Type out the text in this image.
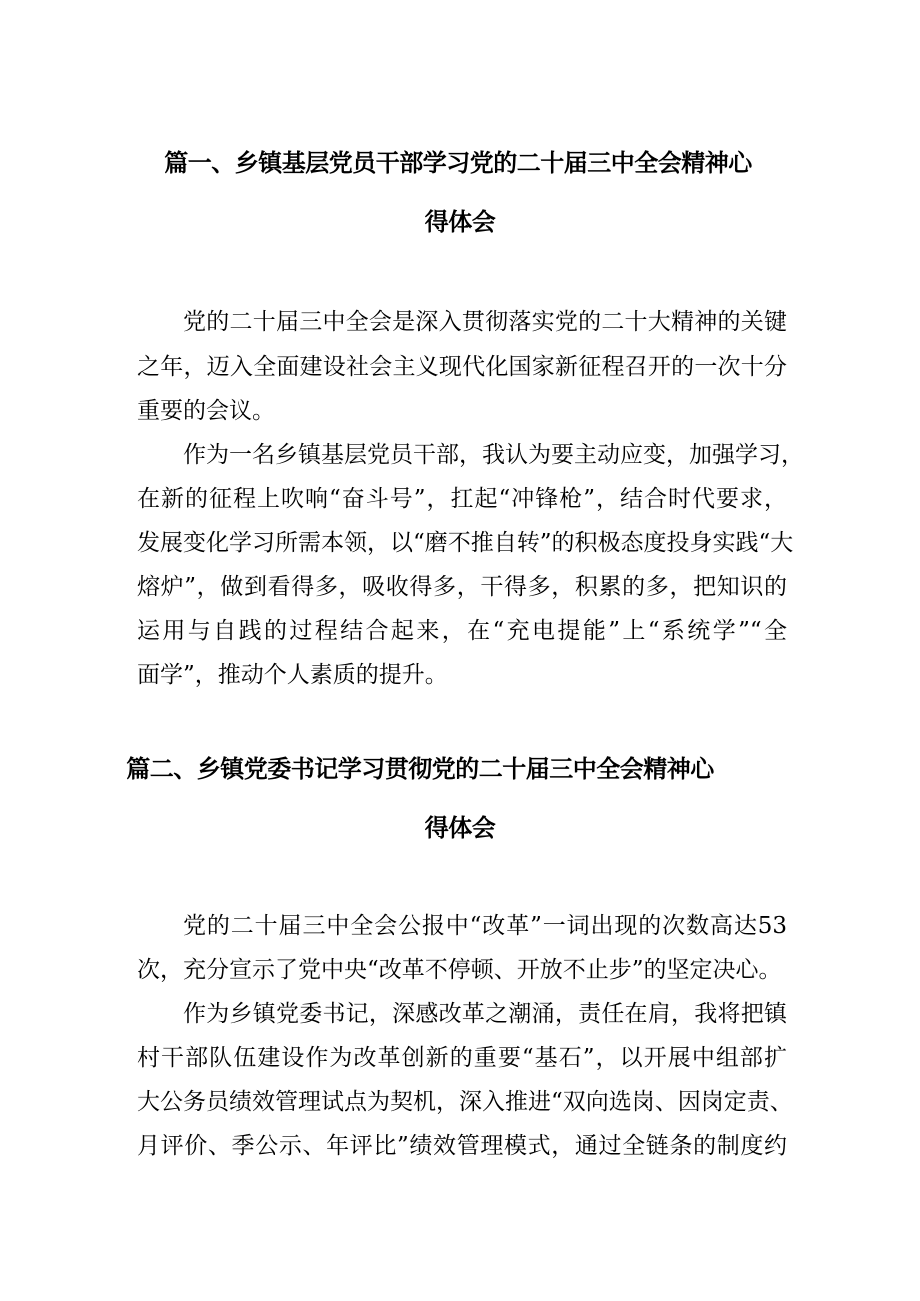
篇一、乡镇基层党员干部学习党的二十届三中全会精神心
得体会
党的二十届三中全会是深入贯彻落实党的二十大精神的关键
之年，迈入全面建设社会主义现代化国家新征程召开的一次十分
重要的会议。
作为一名乡镇基层党员干部，我认为要主动应变，加强学习，
在新的征程上吹响“奋斗号”，扛起“冲锋枪”，结合时代要求，
发展变化学习所需本领，以“磨不推自转”的积极态度投身实践“大
熔炉”，做到看得多，吸收得多，干得多，积累的多，把知识的
运用与自践的过程结合起来，在“充电提能”上“系统学”“全
面学”，推动个人素质的提升。
篇二、乡镇党委书记学习贯彻党的二十届三中全会精神心
得体会
党的二十届三中全会公报中“改革”一词出现的次数高达53
次，充分宣示了党中央“改革不停顿、开放不止步”的坚定决心。
作为乡镇党委书记，深感改革之潮涌，责任在肩，我将把镇
村干部队伍建设作为改革创新的重要“基石”，以开展中组部扩
大公务员绩效管理试点为契机，深入推进“双向选岗、因岗定责、
月评价、季公示、年评比”绩效管理模式，通过全链条的制度约
